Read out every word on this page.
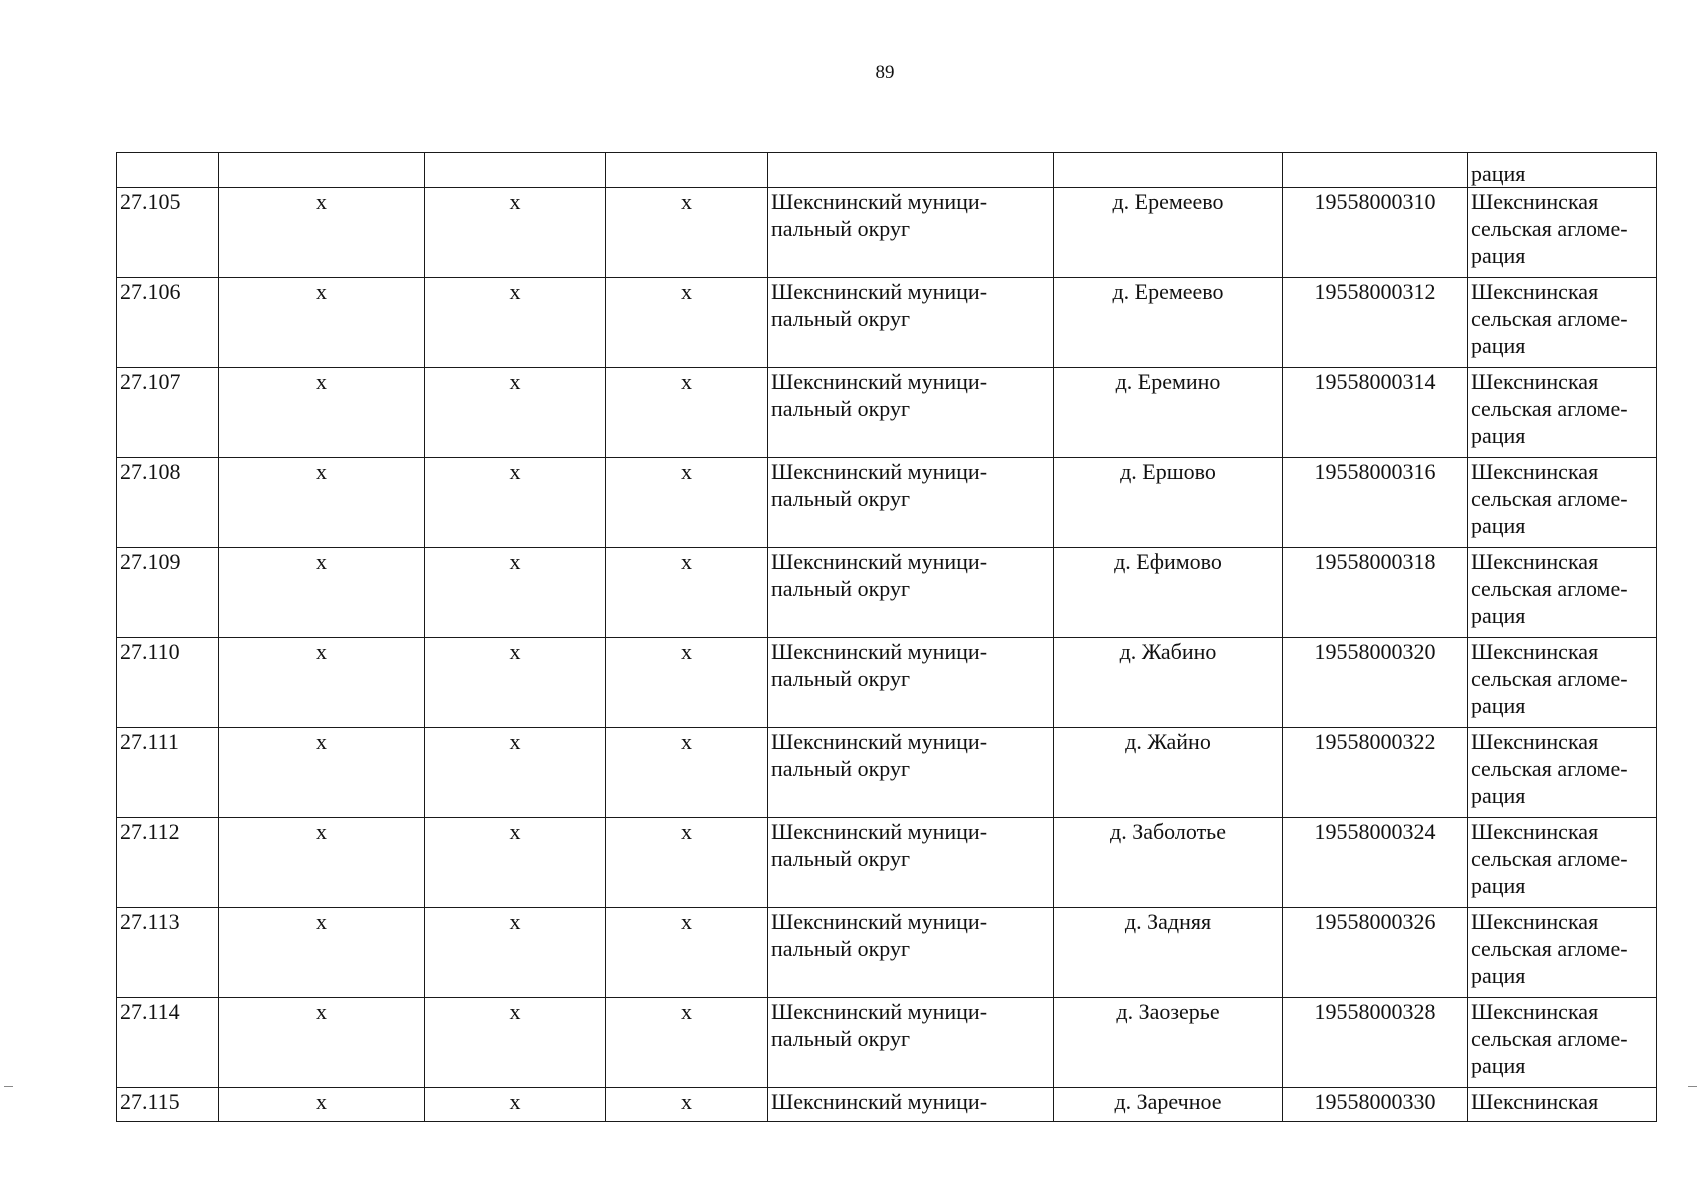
89
							рация
27.105	х	х	х	Шекснинский муници-пальный округ	д. Еремеево	19558000310	Шекснинская сельская агломе-рация
27.106	х	х	х	Шекснинский муници-пальный округ	д. Еремеево	19558000312	Шекснинская сельская агломе-рация
27.107	х	х	х	Шекснинский муници-пальный округ	д. Еремино	19558000314	Шекснинская сельская агломе-рация
27.108	х	х	х	Шекснинский муници-пальный округ	д. Ершово	19558000316	Шекснинская сельская агломе-рация
27.109	х	х	х	Шекснинский муници-пальный округ	д. Ефимово	19558000318	Шекснинская сельская агломе-рация
27.110	х	х	х	Шекснинский муници-пальный округ	д. Жабино	19558000320	Шекснинская сельская агломе-рация
27.111	х	х	х	Шекснинский муници-пальный округ	д. Жайно	19558000322	Шекснинская сельская агломе-рация
27.112	х	х	х	Шекснинский муници-пальный округ	д. Заболотье	19558000324	Шекснинская сельская агломе-рация
27.113	х	х	х	Шекснинский муници-пальный округ	д. Задняя	19558000326	Шекснинская сельская агломе-рация
27.114	х	х	х	Шекснинский муници-пальный округ	д. Заозерье	19558000328	Шекснинская сельская агломе-рация
27.115	х	х	х	Шекснинский муници-	д. Заречное	19558000330	Шекснинская
